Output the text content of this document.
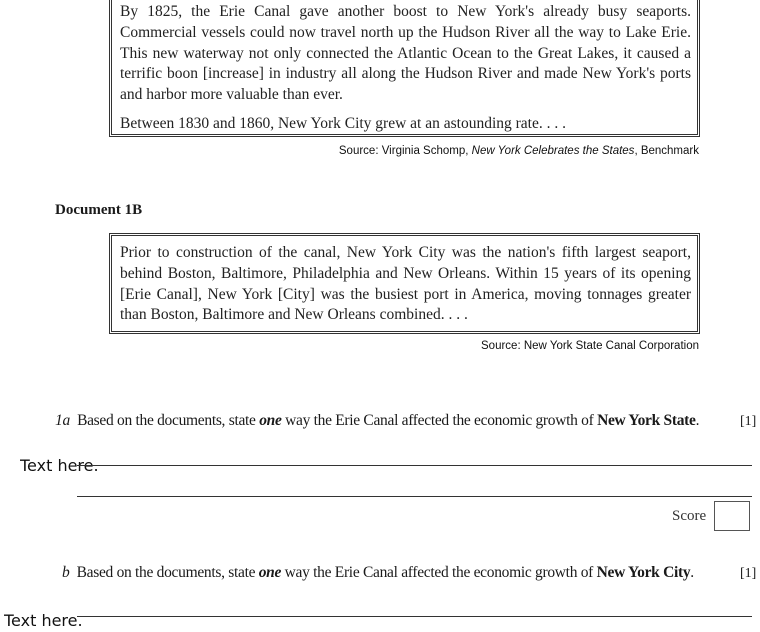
By 1825, the Erie Canal gave another boost to New York's already busy seaports. Commercial vessels could now travel north up the Hudson River all the way to Lake Erie. This new waterway not only connected the Atlantic Ocean to the Great Lakes, it caused a terrific boon [increase] in industry all along the Hudson River and made New York's ports and harbor more valuable than ever.

Between 1830 and 1860, New York City grew at an astounding rate. . . .

Source: Virginia Schomp, New York Celebrates the States, Benchmark
Document 1B

Prior to construction of the canal, New York City was the nation's fifth largest seaport, behind Boston, Baltimore, Philadelphia and New Orleans. Within 15 years of its opening [Erie Canal], New York [City] was the busiest port in America, moving tonnages greater than Boston, Baltimore and New Orleans combined. . . .

Source: New York State Canal Corporation
1a Based on the documents, state one way the Erie Canal affected the economic growth of New York State.	[1]
Text here.
Score
b Based on the documents, state one way the Erie Canal affected the economic growth of New York City.	[1]
Text here.
